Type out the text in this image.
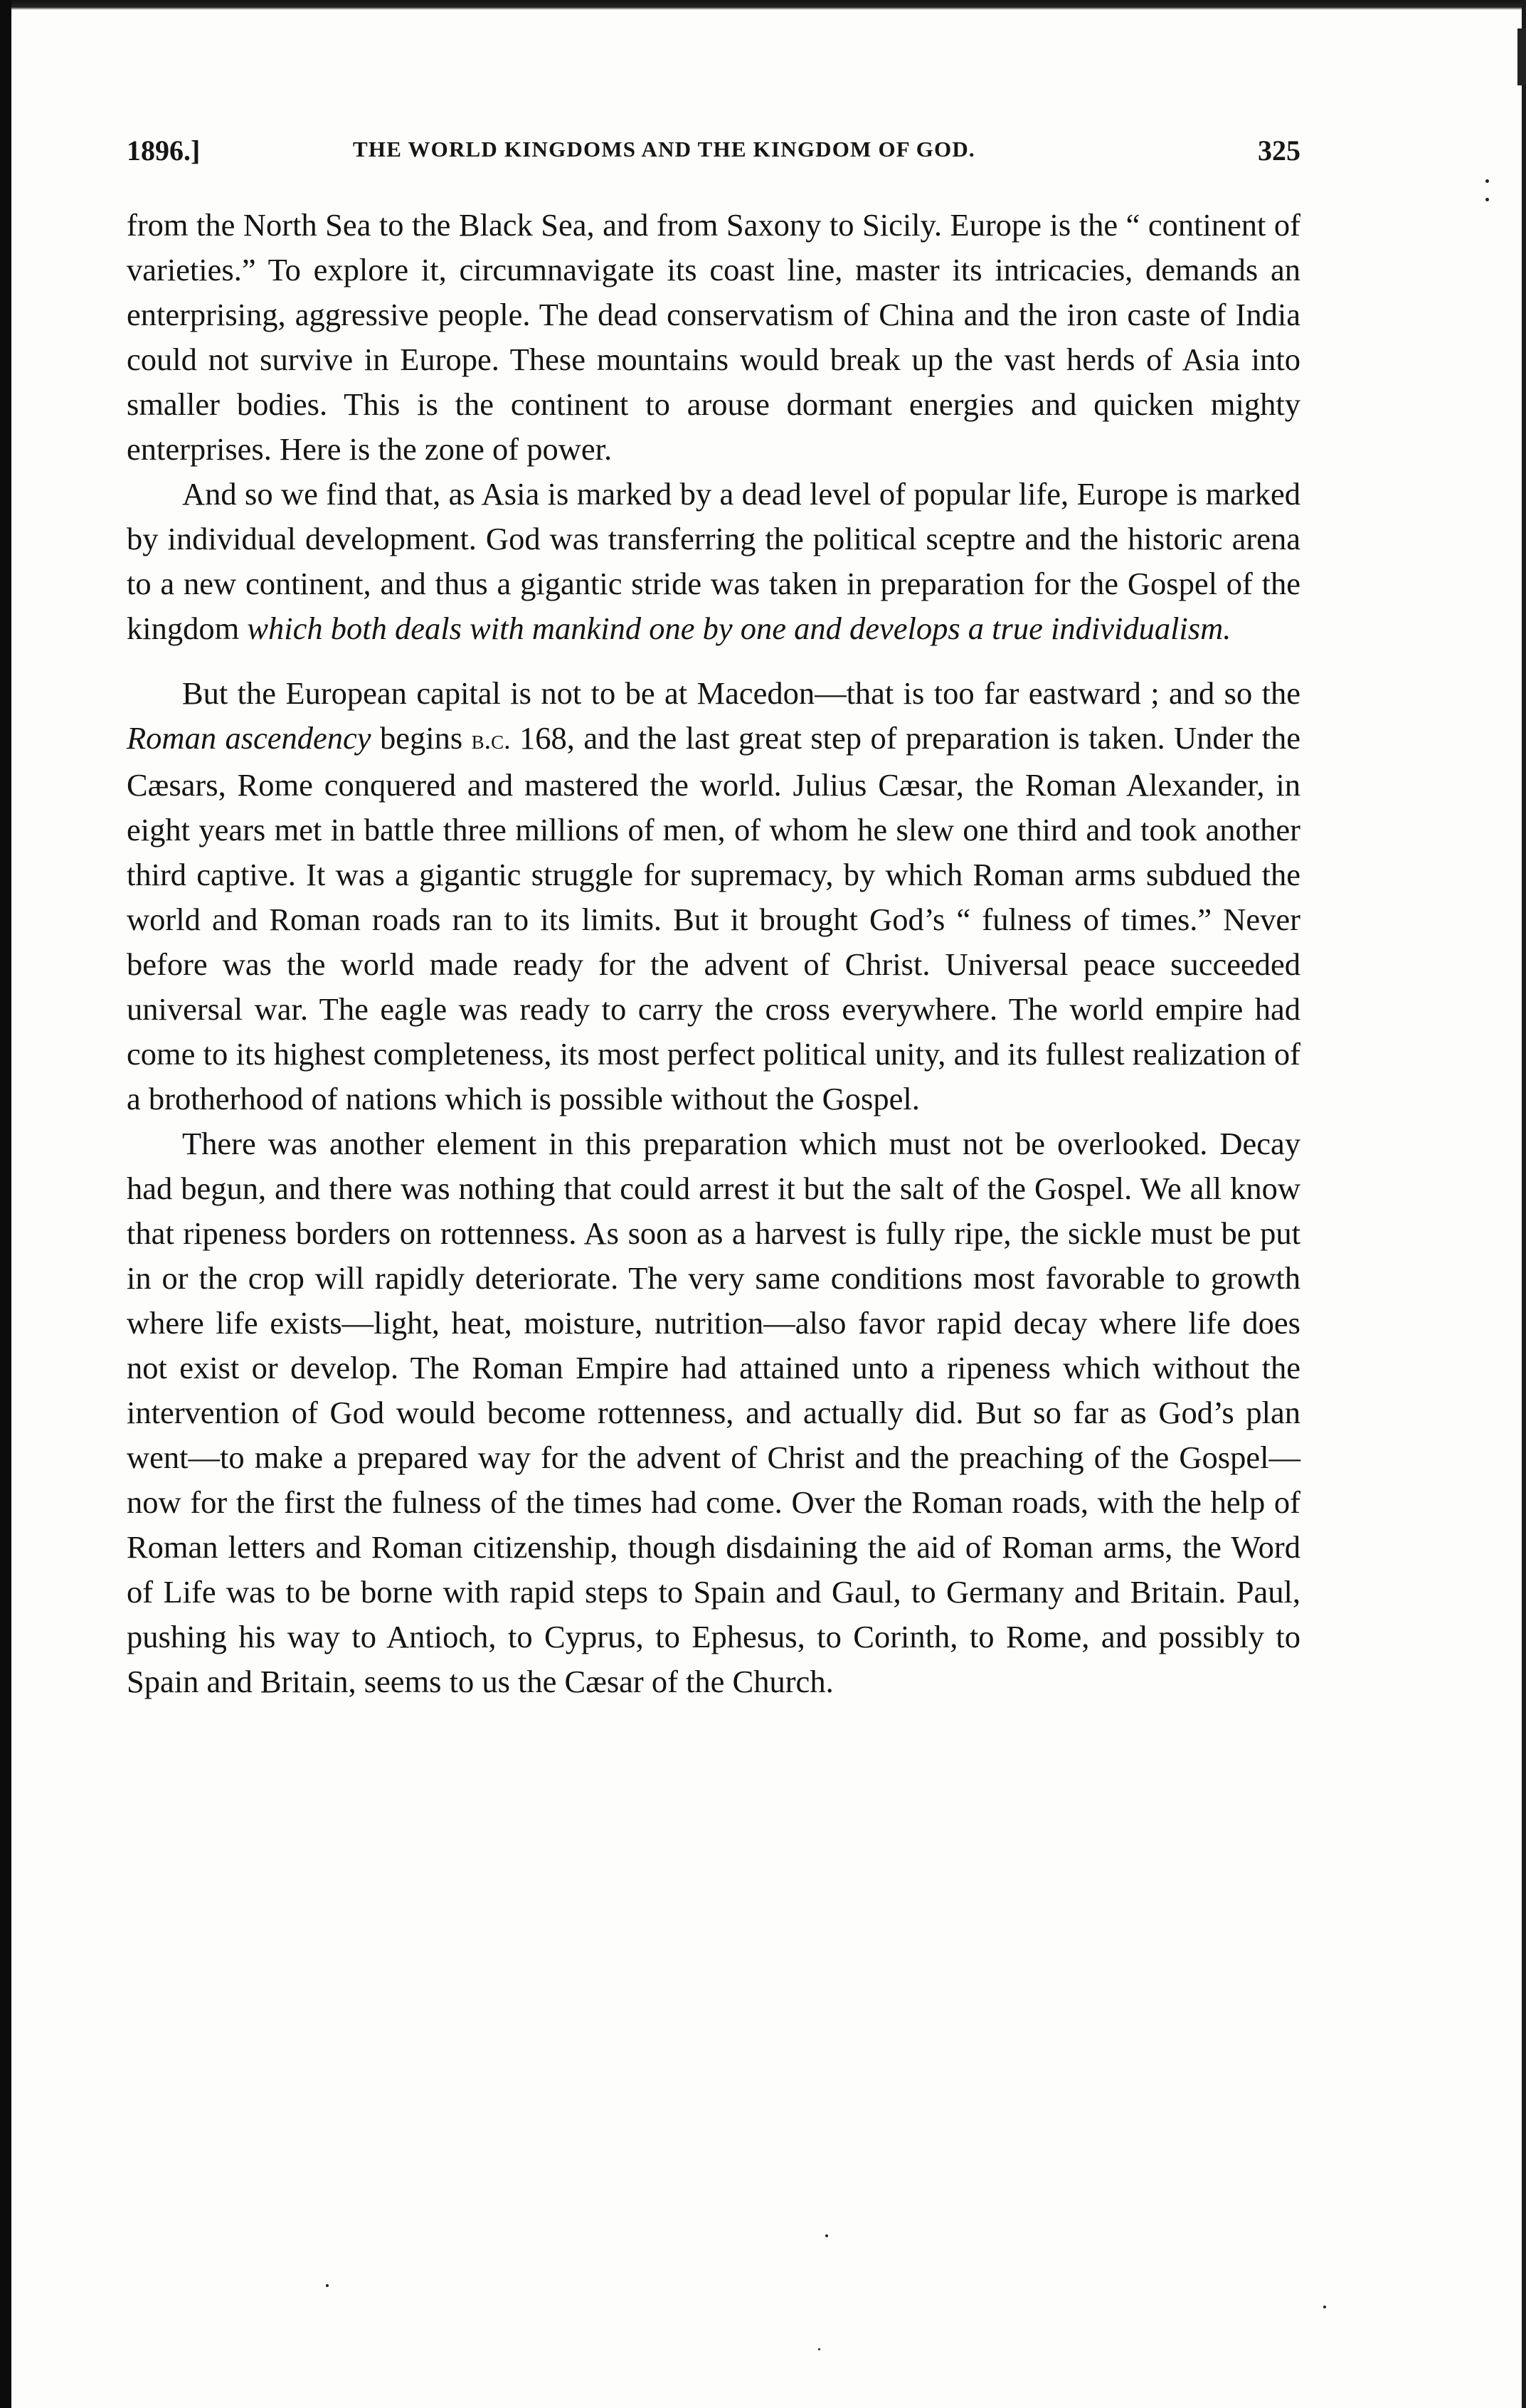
1896.]	THE WORLD KINGDOMS AND THE KINGDOM OF GOD.	325

from the North Sea to the Black Sea, and from Saxony to Sicily. Europe is the “ continent of varieties.” To explore it, circumnavigate its coast line, master its intricacies, demands an enterprising, aggressive people. The dead conservatism of China and the iron caste of India could not survive in Europe. These mountains would break up the vast herds of Asia into smaller bodies. This is the continent to arouse dormant energies and quicken mighty enterprises. Here is the zone of power.

And so we find that, as Asia is marked by a dead level of popular life, Europe is marked by individual development. God was transferring the political sceptre and the historic arena to a new continent, and thus a gigantic stride was taken in preparation for the Gospel of the kingdom which both deals with mankind one by one and develops a true individualism.

But the European capital is not to be at Macedon—that is too far eastward ; and so the Roman ascendency begins b.c. 168, and the last great step of preparation is taken. Under the Cæsars, Rome conquered and mastered the world. Julius Cæsar, the Roman Alexander, in eight years met in battle three millions of men, of whom he slew one third and took another third captive. It was a gigantic struggle for supremacy, by which Roman arms subdued the world and Roman roads ran to its limits. But it brought God’s “ fulness of times.” Never before was the world made ready for the advent of Christ. Universal peace succeeded universal war. The eagle was ready to carry the cross everywhere. The world empire had come to its highest completeness, its most perfect political unity, and its fullest realization of a brotherhood of nations which is possible without the Gospel.

There was another element in this preparation which must not be overlooked. Decay had begun, and there was nothing that could arrest it but the salt of the Gospel. We all know that ripeness borders on rottenness. As soon as a harvest is fully ripe, the sickle must be put in or the crop will rapidly deteriorate. The very same conditions most favorable to growth where life exists—light, heat, moisture, nutrition—also favor rapid decay where life does not exist or develop. The Roman Empire had attained unto a ripeness which without the intervention of God would become rottenness, and actually did. But so far as God’s plan went—to make a prepared way for the advent of Christ and the preaching of the Gospel—now for the first the fulness of the times had come. Over the Roman roads, with the help of Roman letters and Roman citizenship, though disdaining the aid of Roman arms, the Word of Life was to be borne with rapid steps to Spain and Gaul, to Germany and Britain. Paul, pushing his way to Antioch, to Cyprus, to Ephesus, to Corinth, to Rome, and possibly to Spain and Britain, seems to us the Cæsar of the Church.
